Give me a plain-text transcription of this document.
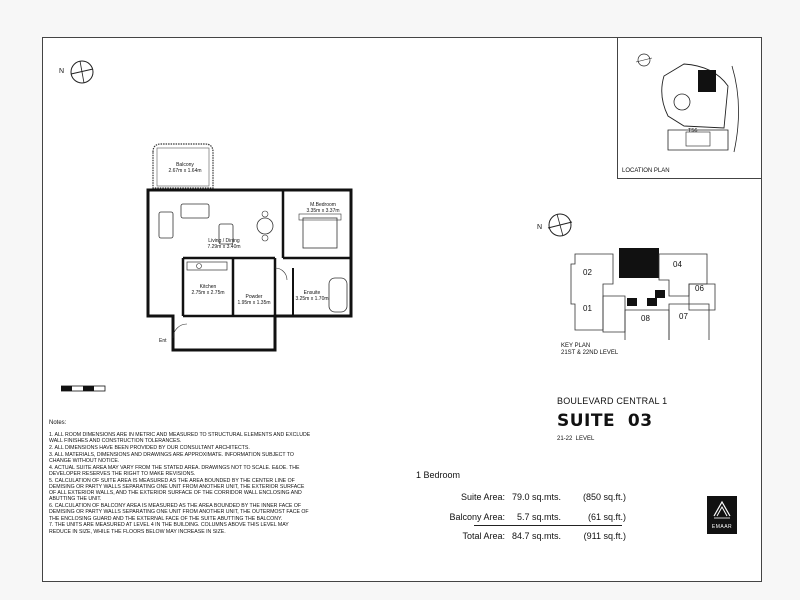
N
Balcony
2.67m x 1.64m
Living / Dining
7.29m x 3.40m
M.Bedroom
3.35m x 3.37m
Kitchen
2.75m x 2.75m
Powder
1.95m x 1.35m
Ensuite
3.25m x 1.70m
Ent
T56
LOCATION PLAN
N
02
01
04
06
07
08
KEY PLAN
21ST & 22ND LEVEL
BOULEVARD CENTRAL 1
SUITE  03
21-22  LEVEL
1 Bedroom
Suite Area: 79.0 sq.mts.	(850 sq.ft.)
Balcony Area: 5.7 sq.mts.	(61 sq.ft.)
Total Area: 84.7 sq.mts.	(911 sq.ft.)
EMAAR
Notes:
1. ALL ROOM DIMENSIONS ARE IN METRIC AND MEASURED TO STRUCTURAL ELEMENTS AND EXCLUDE WALL FINISHES AND CONSTRUCTION TOLERANCES.
2. ALL DIMENSIONS HAVE BEEN PROVIDED BY OUR CONSULTANT ARCHITECTS.
3. ALL MATERIALS, DIMENSIONS AND DRAWINGS ARE APPROXIMATE. INFORMATION SUBJECT TO CHANGE WITHOUT NOTICE.
4. ACTUAL SUITE AREA MAY VARY FROM THE STATED AREA. DRAWINGS NOT TO SCALE. E&OE. THE DEVELOPER RESERVES THE RIGHT TO MAKE REVISIONS.
5. CALCULATION OF SUITE AREA IS MEASURED AS THE AREA BOUNDED BY THE CENTER LINE OF DEMISING OR PARTY WALLS SEPARATING ONE UNIT FROM ANOTHER UNIT, THE EXTERIOR SURFACE OF ALL EXTERIOR WALLS, AND THE EXTERIOR SURFACE OF THE CORRIDOR WALL ENCLOSING AND ABUTTING THE UNIT.
6. CALCULATION OF BALCONY AREA IS MEASURED AS THE AREA BOUNDED BY THE INNER FACE OF DEMISING OR PARTY WALLS SEPARATING ONE UNIT FROM ANOTHER UNIT, THE OUTERMOST FACE OF THE ENCLOSING GUARD AND THE EXTERNAL FACE OF THE SUITE ABUTTING THE BALCONY.
7. THE UNITS ARE MEASURED AT LEVEL 4 IN THE BUILDING. COLUMNS ABOVE THIS LEVEL MAY REDUCE IN SIZE, WHILE THE FLOORS BELOW MAY INCREASE IN SIZE.
